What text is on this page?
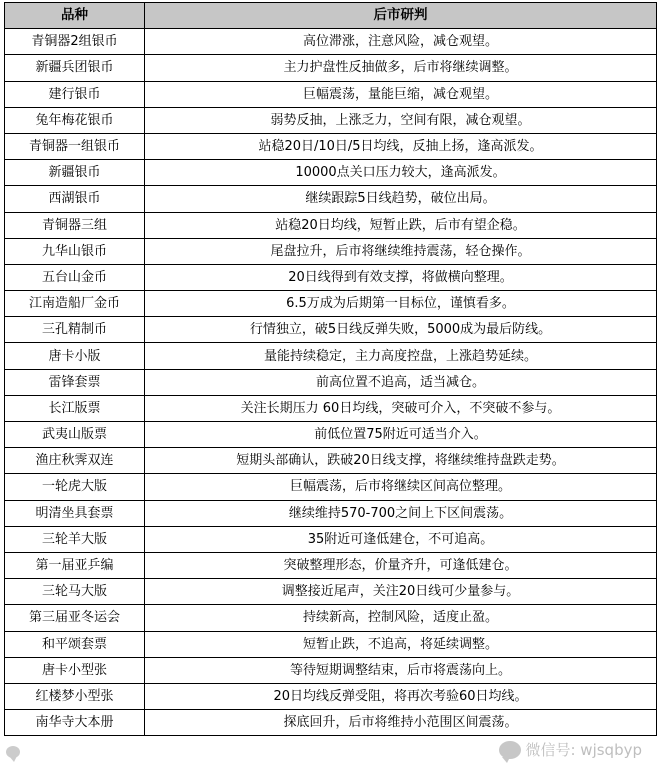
品种	后市研判
青铜器2组银币	高位滞涨，注意风险，减仓观望。
新疆兵团银币	主力护盘性反抽做多，后市将继续调整。
建行银币	巨幅震荡，量能巨缩，减仓观望。
兔年梅花银币	弱势反抽，上涨乏力，空间有限，减仓观望。
青铜器一组银币	站稳20日/10日/5日均线，反抽上扬，逢高派发。
新疆银币	10000点关口压力较大，逢高派发。
西湖银币	继续跟踪5日线趋势，破位出局。
青铜器三组	站稳20日均线，短暂止跌，后市有望企稳。
九华山银币	尾盘拉升，后市将继续维持震荡，轻仓操作。
五台山金币	20日线得到有效支撑，将做横向整理。
江南造船厂金币	6.5万成为后期第一目标位，谨慎看多。
三孔精制币	行情独立，破5日线反弹失败，5000成为最后防线。
唐卡小版	量能持续稳定，主力高度控盘，上涨趋势延续。
雷锋套票	前高位置不追高，适当减仓。
长江版票	关注长期压力 60日均线，突破可介入，不突破不参与。
武夷山版票	前低位置75附近可适当介入。
渔庄秋霁双连	短期头部确认，跌破20日线支撑，将继续维持盘跌走势。
一轮虎大版	巨幅震荡，后市将继续区间高位整理。
明清坐具套票	继续维持570-700之间上下区间震荡。
三轮羊大版	35附近可逢低建仓，不可追高。
第一届亚乒编	突破整理形态，价量齐升，可逢低建仓。
三轮马大版	调整接近尾声，关注20日线可少量参与。
第三届亚冬运会	持续新高，控制风险，适度止盈。
和平颂套票	短暂止跌，不追高，将延续调整。
唐卡小型张	等待短期调整结束，后市将震荡向上。
红楼梦小型张	20日均线反弹受阻，将再次考验60日均线。
南华寺大本册	探底回升，后市将维持小范围区间震荡。
微信号: wjsqbyp
